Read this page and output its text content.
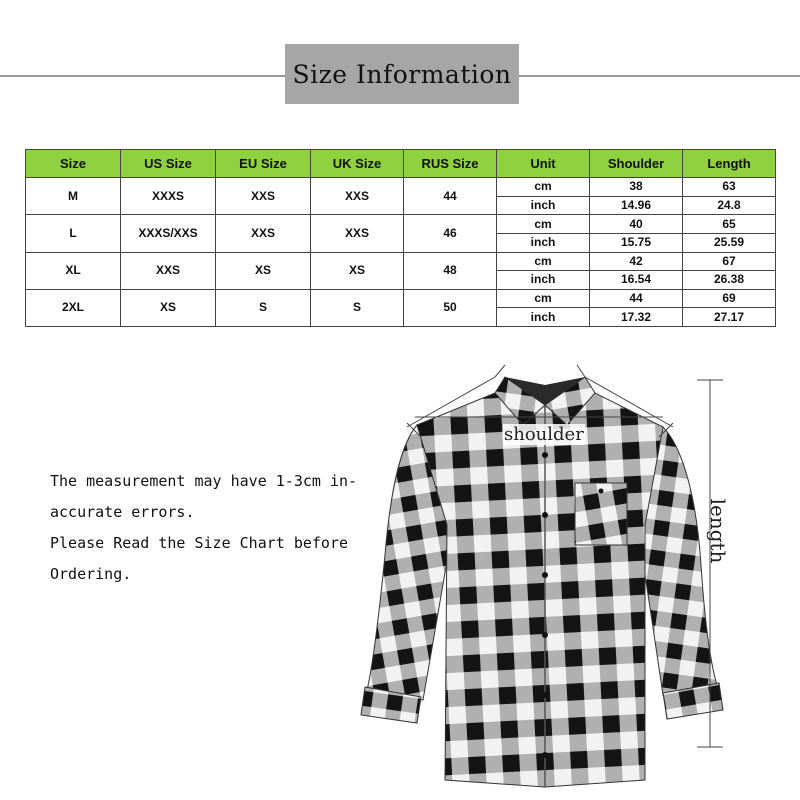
Size Information
Size	US Size	EU Size	UK Size	RUS Size	Unit	Shoulder	Length
M	XXXS	XXS	XXS	44	cm	38	63
					inch	14.96	24.8
L	XXXS/XXS	XXS	XXS	46	cm	40	65
					inch	15.75	25.59
XL	XXS	XS	XS	48	cm	42	67
					inch	16.54	26.38
2XL	XS	S	S	50	cm	44	69
					inch	17.32	27.17
The measurement may have 1-3cm in-
accurate errors.
Please Read the Size Chart before
Ordering.
shoulder
length
